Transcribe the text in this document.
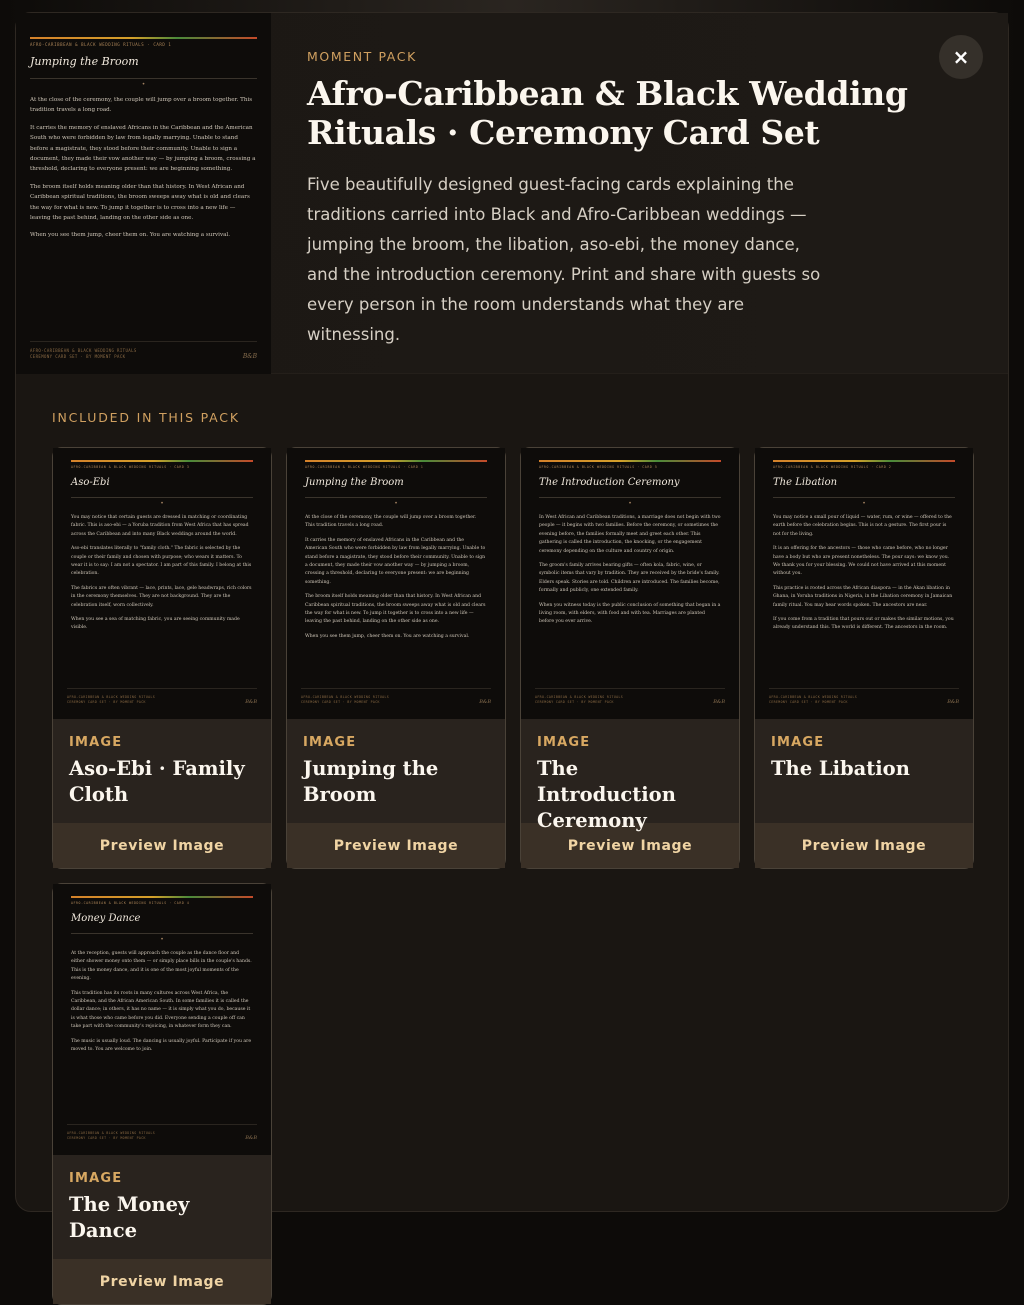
AFRO-CARIBBEAN & BLACK WEDDING RITUALS · CARD 1
Jumping the Broom
•

At the close of the ceremony, the couple will jump over a broom together. This tradition travels a long road.

It carries the memory of enslaved Africans in the Caribbean and the American South who were forbidden by law from legally marrying. Unable to stand before a magistrate, they stood before their community. Unable to sign a document, they made their vow another way — by jumping a broom, crossing a threshold, declaring to everyone present: we are beginning something.

The broom itself holds meaning older than that history. In West African and Caribbean spiritual traditions, the broom sweeps away what is old and clears the way for what is new. To jump it together is to cross into a new life — leaving the past behind, landing on the other side as one.

When you see them jump, cheer them on. You are watching a survival.

AFRO-CARIBBEAN & BLACK WEDDING RITUALS
CEREMONY CARD SET · BY MOMENT PACK	B&B
MOMENT PACK
Afro-Caribbean & Black Wedding Rituals · Ceremony Card Set

Five beautifully designed guest-facing cards explaining the traditions carried into Black and Afro-Caribbean weddings — jumping the broom, the libation, aso-ebi, the money dance, and the introduction ceremony. Print and share with guests so every person in the room understands what they are witnessing.

×
INCLUDED IN THIS PACK
AFRO-CARIBBEAN & BLACK WEDDING RITUALS · CARD 3
Aso-Ebi
•

You may notice that certain guests are dressed in matching or coordinating fabric. This is aso-ebi — a Yoruba tradition from West Africa that has spread across the Caribbean and into many Black weddings around the world.

Aso-ebi translates literally to "family cloth." The fabric is selected by the couple or their family and chosen with purpose; who wears it matters. To wear it is to say: I am not a spectator. I am part of this family. I belong at this celebration.

The fabrics are often vibrant — lace, prints, lace, gele headwraps, rich colors in the ceremony themselves. They are not background. They are the celebration itself, worn collectively.

When you see a sea of matching fabric, you are seeing community made visible.

AFRO-CARIBBEAN & BLACK WEDDING RITUALS
CEREMONY CARD SET · BY MOMENT PACK	B&B
IMAGE
Aso-Ebi · Family Cloth
Preview Image
AFRO-CARIBBEAN & BLACK WEDDING RITUALS · CARD 1
Jumping the Broom
•

At the close of the ceremony, the couple will jump over a broom together. This tradition travels a long road.

It carries the memory of enslaved Africans in the Caribbean and the American South who were forbidden by law from legally marrying. Unable to stand before a magistrate, they stood before their community. Unable to sign a document, they made their vow another way — by jumping a broom, crossing a threshold, declaring to everyone present: we are beginning something.

The broom itself holds meaning older than that history. In West African and Caribbean spiritual traditions, the broom sweeps away what is old and clears the way for what is new. To jump it together is to cross into a new life — leaving the past behind, landing on the other side as one.

When you see them jump, cheer them on. You are watching a survival.

AFRO-CARIBBEAN & BLACK WEDDING RITUALS
CEREMONY CARD SET · BY MOMENT PACK	B&B
IMAGE
Jumping the Broom
Preview Image
AFRO-CARIBBEAN & BLACK WEDDING RITUALS · CARD 5
The Introduction Ceremony
•

In West African and Caribbean traditions, a marriage does not begin with two people — it begins with two families. Before the ceremony, or sometimes the evening before, the families formally meet and greet each other. This gathering is called the introduction, the knocking, or the engagement ceremony depending on the culture and country of origin.

The groom's family arrives bearing gifts — often kola, fabric, wine, or symbolic items that vary by tradition. They are received by the bride's family. Elders speak. Stories are told. Children are introduced. The families become, formally and publicly, one extended family.

When you witness today is the public conclusion of something that began in a living room, with elders, with food and with tea. Marriages are planted before you ever arrive.

AFRO-CARIBBEAN & BLACK WEDDING RITUALS
CEREMONY CARD SET · BY MOMENT PACK	B&B
IMAGE
The Introduction Ceremony
Preview Image
AFRO-CARIBBEAN & BLACK WEDDING RITUALS · CARD 2
The Libation
•

You may notice a small pour of liquid — water, rum, or wine — offered to the earth before the celebration begins. This is not a gesture. The first pour is not for the living.

It is an offering for the ancestors — those who came before, who no longer have a body but who are present nonetheless. The pour says: we know you. We thank you for your blessing. We could not have arrived at this moment without you.

This practice is rooted across the African diaspora — in the Akan libation in Ghana, in Yoruba traditions in Nigeria, in the Libation ceremony in Jamaican family ritual. You may hear words spoken. The ancestors are near.

If you come from a tradition that pours out or makes the similar motions, you already understand this. The world is different. The ancestors in the room.

AFRO-CARIBBEAN & BLACK WEDDING RITUALS
CEREMONY CARD SET · BY MOMENT PACK	B&B
IMAGE
The Libation
Preview Image
AFRO-CARIBBEAN & BLACK WEDDING RITUALS · CARD 4
Money Dance
•

At the reception, guests will approach the couple as the dance floor and either shower money onto them — or simply place bills in the couple's hands. This is the money dance, and it is one of the most joyful moments of the evening.

This tradition has its roots in many cultures across West Africa, the Caribbean, and the African American South. In some families it is called the dollar dance; in others, it has no name — it is simply what you do, because it is what those who came before you did. Everyone sending a couple off can take part with the community's rejoicing, in whatever form they can.

The music is usually loud. The dancing is usually joyful. Participate if you are moved to. You are welcome to join.

AFRO-CARIBBEAN & BLACK WEDDING RITUALS
CEREMONY CARD SET · BY MOMENT PACK	B&B
IMAGE
The Money Dance
Preview Image
